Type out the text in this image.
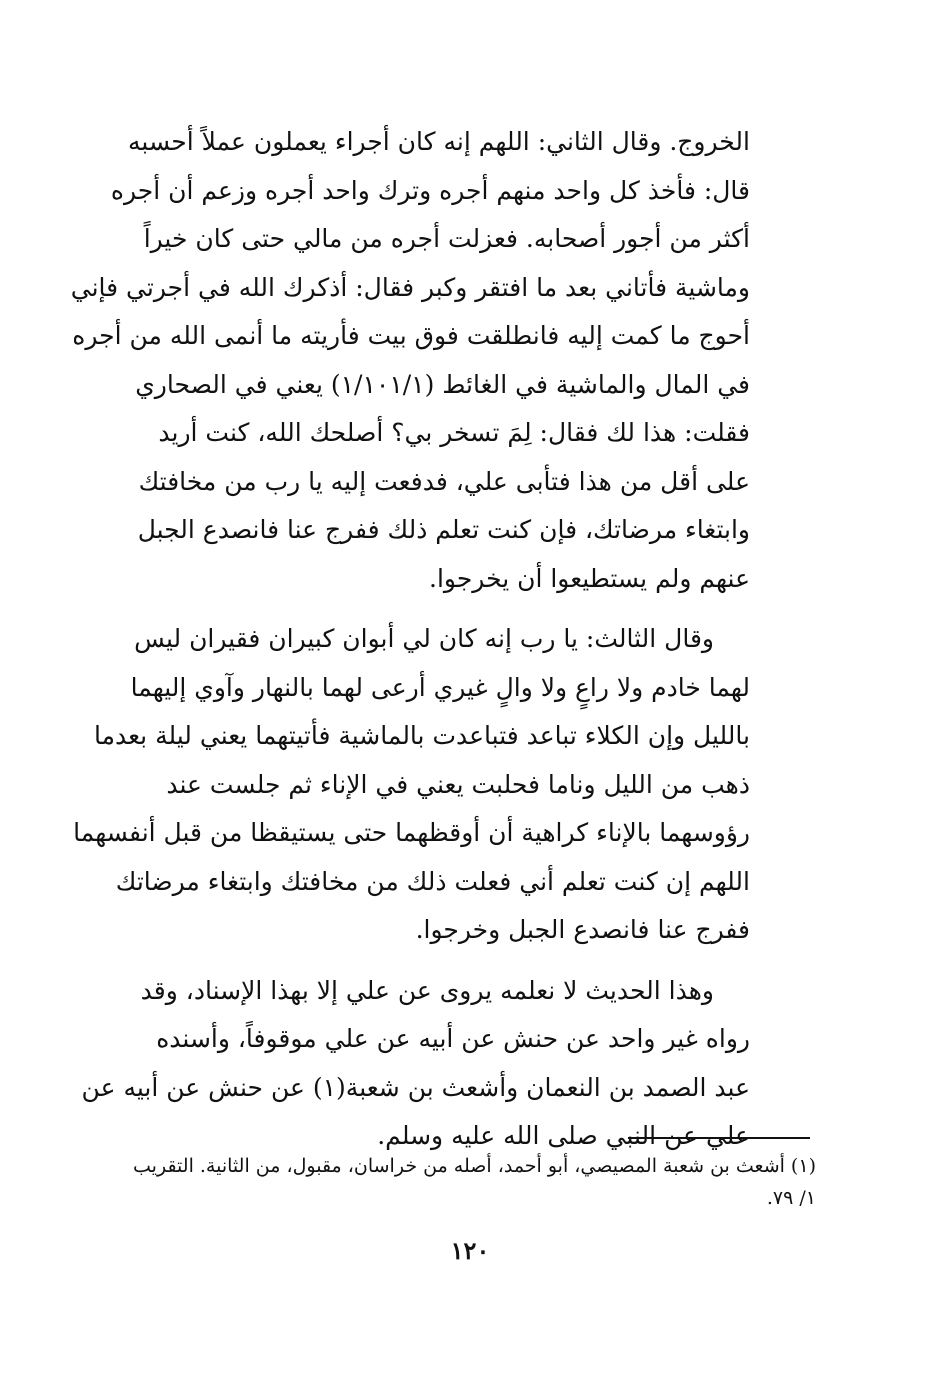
الخروج. وقال الثاني: اللهم إنه كان أجراء يعملون عملاً أحسبه
قال: فأخذ كل واحد منهم أجره وترك واحد أجره وزعم أن أجره
أكثر من أجور أصحابه. فعزلت أجره من مالي حتى كان خيراً
وماشية فأتاني بعد ما افتقر وكبر فقال: أذكرك الله في أجرتي فإني
أحوج ما كمت إليه فانطلقت فوق بيت فأريته ما أنمى الله من أجره
في المال والماشية في الغائط (١/١٠١/١) يعني في الصحاري
فقلت: هذا لك فقال: لِمَ تسخر بي؟ أصلحك الله، كنت أريد
على أقل من هذا فتأبى علي، فدفعت إليه يا رب من مخافتك
وابتغاء مرضاتك، فإن كنت تعلم ذلك ففرج عنا فانصدع الجبل
عنهم ولم يستطيعوا أن يخرجوا.
وقال الثالث: يا رب إنه كان لي أبوان كبيران فقيران ليس
لهما خادم ولا راعٍ ولا والٍ غيري أرعى لهما بالنهار وآوي إليهما
بالليل وإن الكلاء تباعد فتباعدت بالماشية فأتيتهما يعني ليلة بعدما
ذهب من الليل وناما فحلبت يعني في الإناء ثم جلست عند
رؤوسهما بالإناء كراهية أن أوقظهما حتى يستيقظا من قبل أنفسهما
اللهم إن كنت تعلم أني فعلت ذلك من مخافتك وابتغاء مرضاتك
ففرج عنا فانصدع الجبل وخرجوا.
وهذا الحديث لا نعلمه يروى عن علي إلا بهذا الإسناد، وقد
رواه غير واحد عن حنش عن أبيه عن علي موقوفاً، وأسنده
عبد الصمد بن النعمان وأشعث بن شعبة(١) عن حنش عن أبيه عن
علي عن النبي صلى الله عليه وسلم.
(١) أشعث بن شعبة المصيصي، أبو أحمد، أصله من خراسان، مقبول، من الثانية. التقريب
١/ ٧٩.
١٢٠
